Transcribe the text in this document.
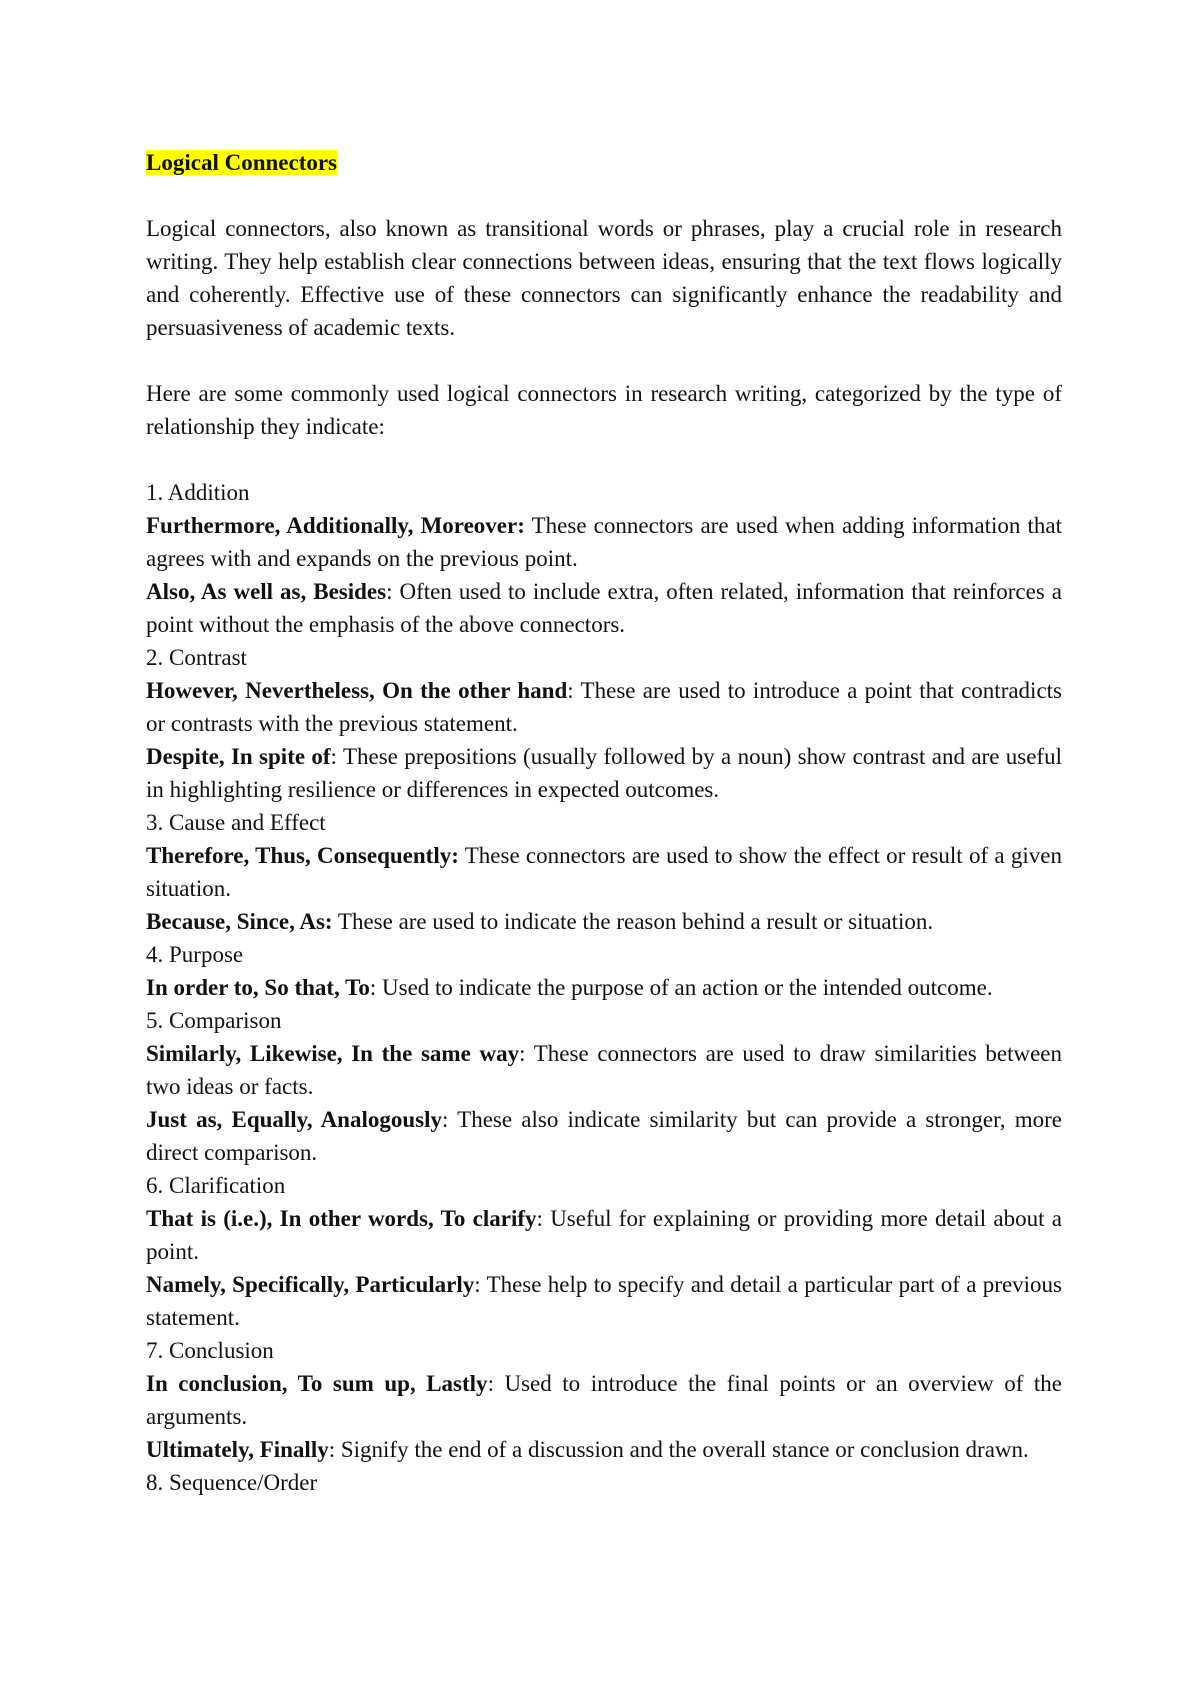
Logical Connectors

Logical connectors, also known as transitional words or phrases, play a crucial role in research writing. They help establish clear connections between ideas, ensuring that the text flows logically and coherently. Effective use of these connectors can significantly enhance the readability and persuasiveness of academic texts.

Here are some commonly used logical connectors in research writing, categorized by the type of relationship they indicate:

1. Addition

Furthermore, Additionally, Moreover: These connectors are used when adding information that agrees with and expands on the previous point.

Also, As well as, Besides: Often used to include extra, often related, information that reinforces a point without the emphasis of the above connectors.

2. Contrast

However, Nevertheless, On the other hand: These are used to introduce a point that contradicts or contrasts with the previous statement.

Despite, In spite of: These prepositions (usually followed by a noun) show contrast and are useful in highlighting resilience or differences in expected outcomes.

3. Cause and Effect

Therefore, Thus, Consequently: These connectors are used to show the effect or result of a given situation.

Because, Since, As: These are used to indicate the reason behind a result or situation.

4. Purpose

In order to, So that, To: Used to indicate the purpose of an action or the intended outcome.

5. Comparison

Similarly, Likewise, In the same way: These connectors are used to draw similarities between two ideas or facts.

Just as, Equally, Analogously: These also indicate similarity but can provide a stronger, more direct comparison.

6. Clarification

That is (i.e.), In other words, To clarify: Useful for explaining or providing more detail about a point.

Namely, Specifically, Particularly: These help to specify and detail a particular part of a previous statement.

7. Conclusion

In conclusion, To sum up, Lastly: Used to introduce the final points or an overview of the arguments.

Ultimately, Finally: Signify the end of a discussion and the overall stance or conclusion drawn.

8. Sequence/Order
